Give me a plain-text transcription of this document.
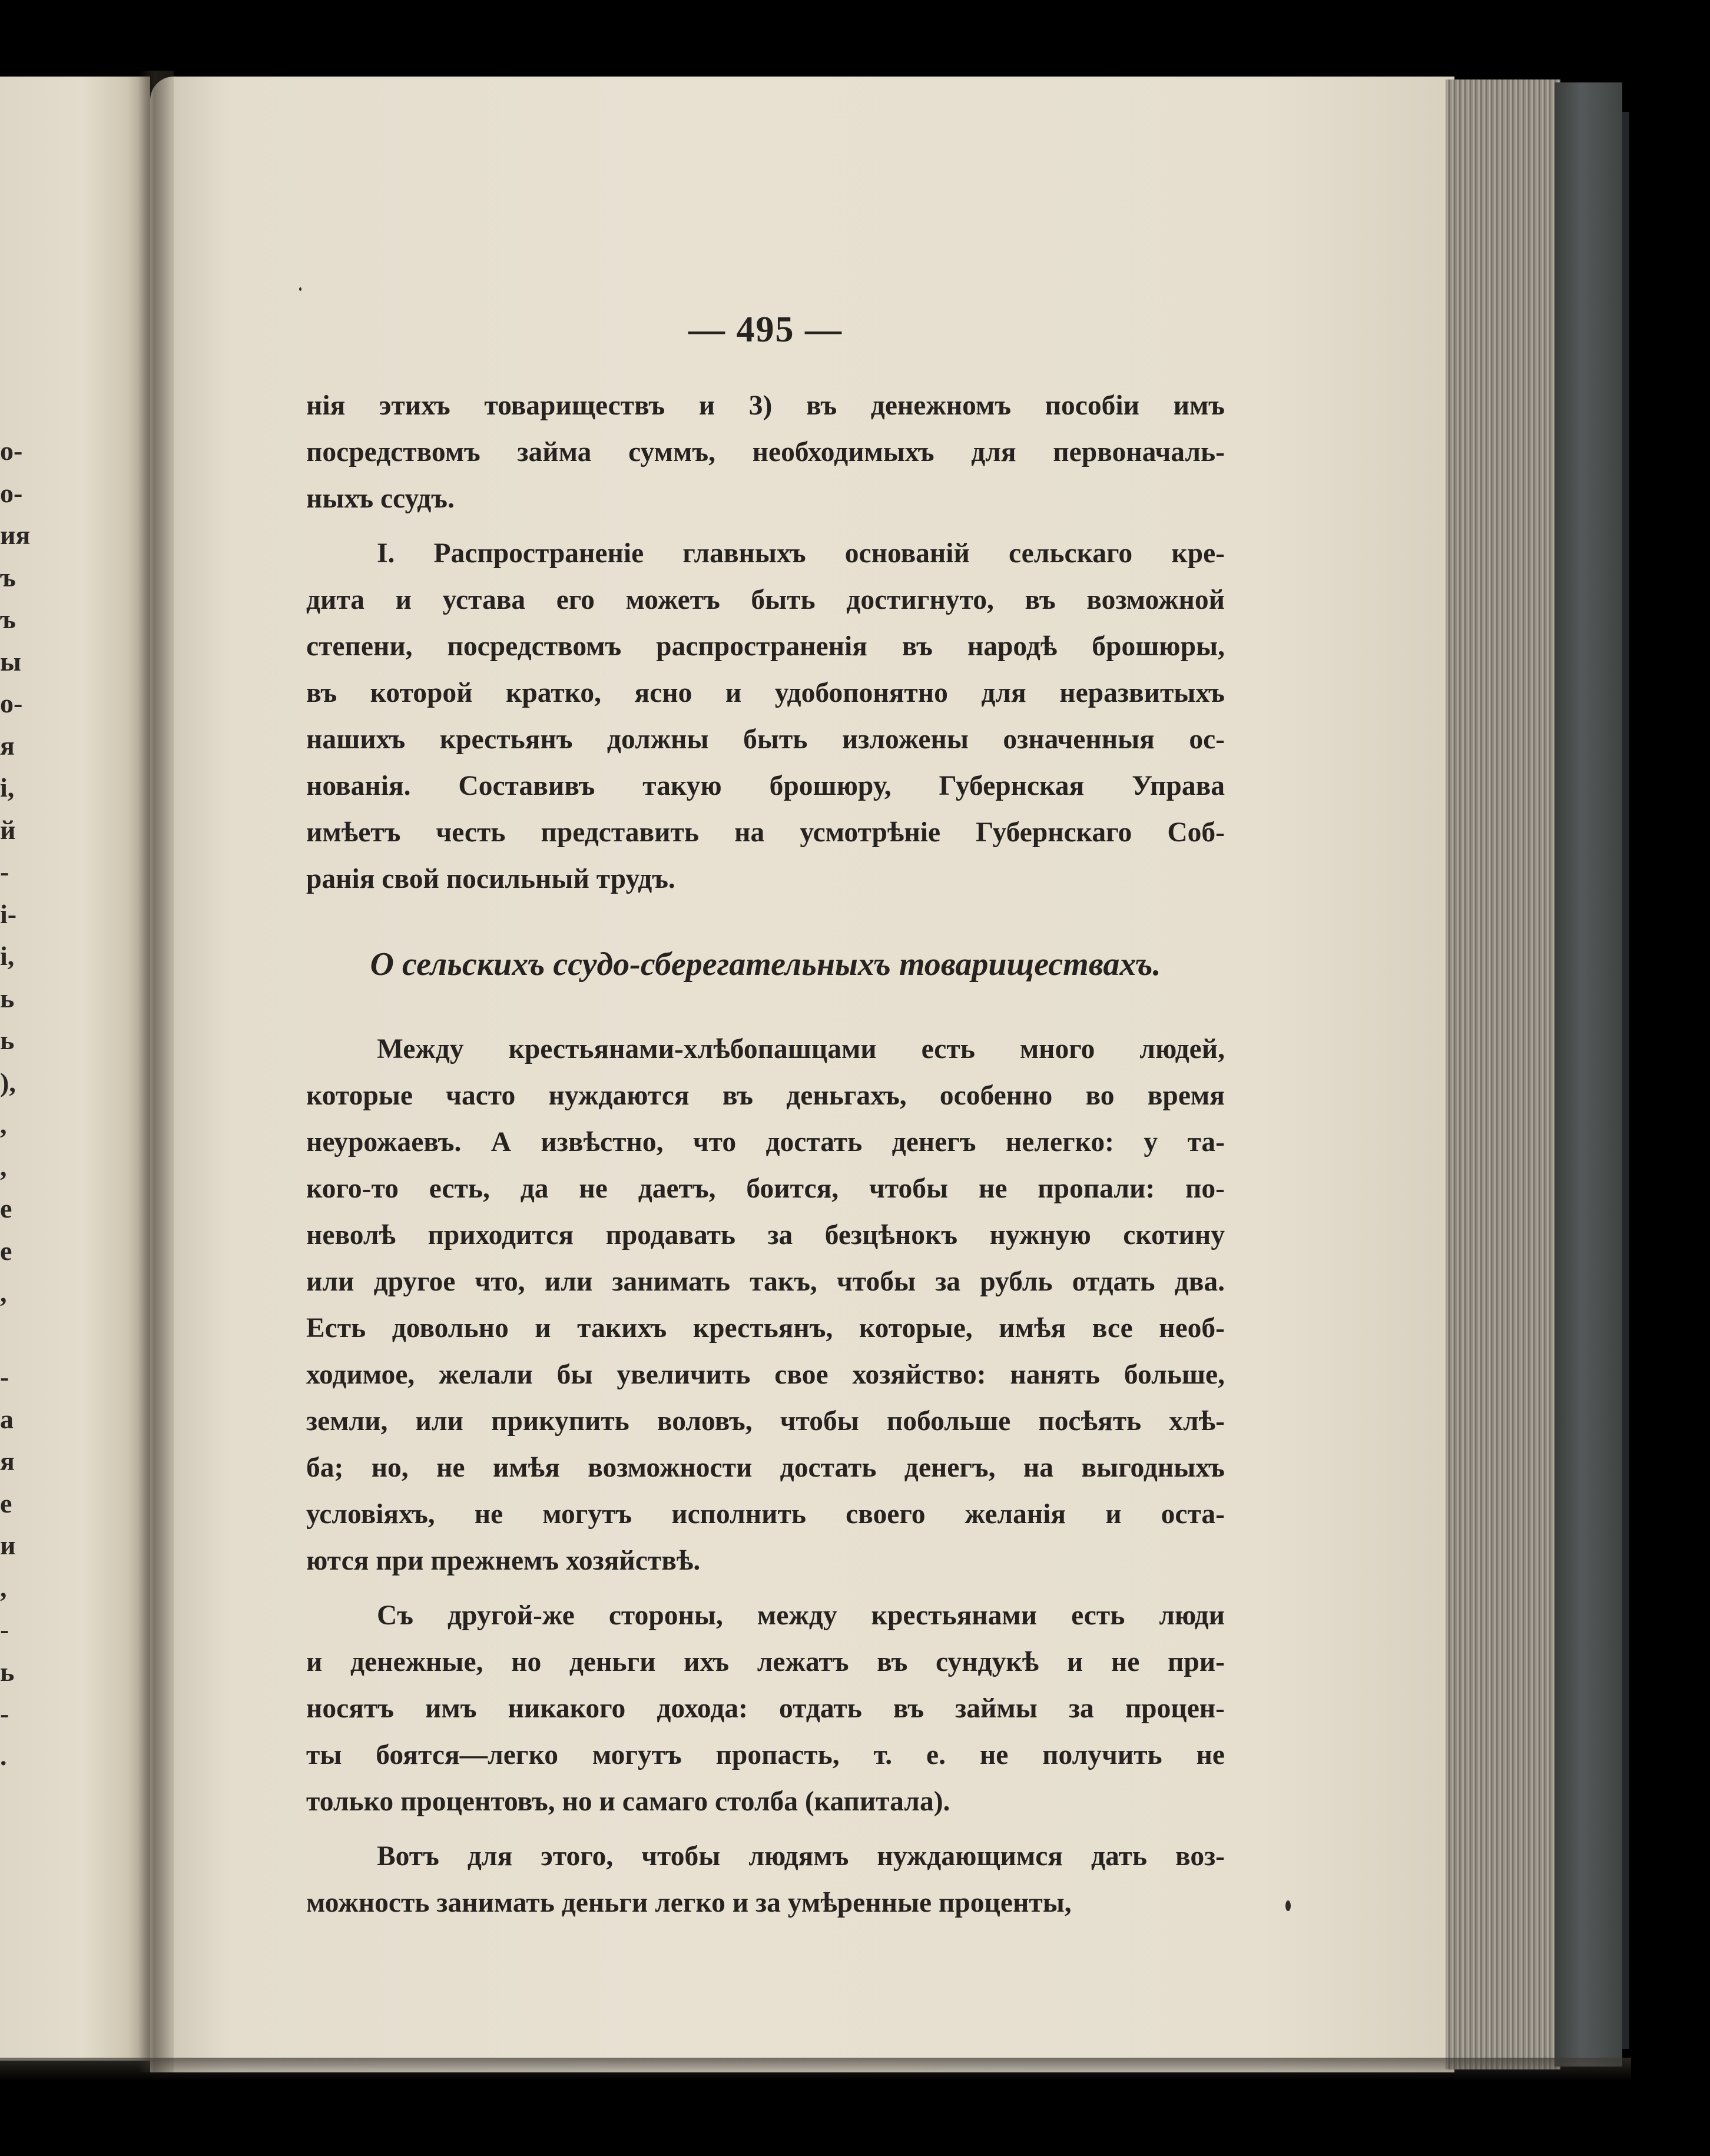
о-
о-
ия
ъ
ъ
ы
о-
я
і,
й
-
і-
і,
ь
ь
),
,
,
е
е
,
-
а
я
е
и
,
-
ь
-
.
— 495 —
нія этихъ товариществъ и 3) въ денежномъ пособіи имъ
посредствомъ займа суммъ, необходимыхъ для первоначаль-
ныхъ ссудъ.
I. Распространеніе главныхъ основаній сельскаго кре-
дита и устава его можетъ быть достигнуто, въ возможной
степени, посредствомъ распространенія въ народѣ брошюры,
въ которой кратко, ясно и удобопонятно для неразвитыхъ
нашихъ крестьянъ должны быть изложены означенныя ос-
нованія. Составивъ такую брошюру, Губернская Управа
имѣетъ честь представить на усмотрѣніе Губернскаго Соб-
ранія свой посильный трудъ.
О сельскихъ ссудо-сберегательныхъ товариществахъ.
Между крестьянами-хлѣбопашцами есть много людей,
которые часто нуждаются въ деньгахъ, особенно во время
неурожаевъ. А извѣстно, что достать денегъ нелегко: у та-
кого-то есть, да не даетъ, боится, чтобы не пропали: по-
неволѣ приходится продавать за безцѣнокъ нужную скотину
или другое что, или занимать такъ, чтобы за рубль отдать два.
Есть довольно и такихъ крестьянъ, которые, имѣя все необ-
ходимое, желали бы увеличить свое хозяйство: нанять больше,
земли, или прикупить воловъ, чтобы побольше посѣять хлѣ-
ба; но, не имѣя возможности достать денегъ, на выгодныхъ
условіяхъ, не могутъ исполнить своего желанія и оста-
ются при прежнемъ хозяйствѣ.
Съ другой-же стороны, между крестьянами есть люди
и денежные, но деньги ихъ лежатъ въ сундукѣ и не при-
носятъ имъ никакого дохода: отдать въ займы за процен-
ты боятся—легко могутъ пропасть, т. е. не получить не
только процентовъ, но и самаго столба (капитала).
Вотъ для этого, чтобы людямъ нуждающимся дать воз-
можность занимать деньги легко и за умѣренные проценты,
